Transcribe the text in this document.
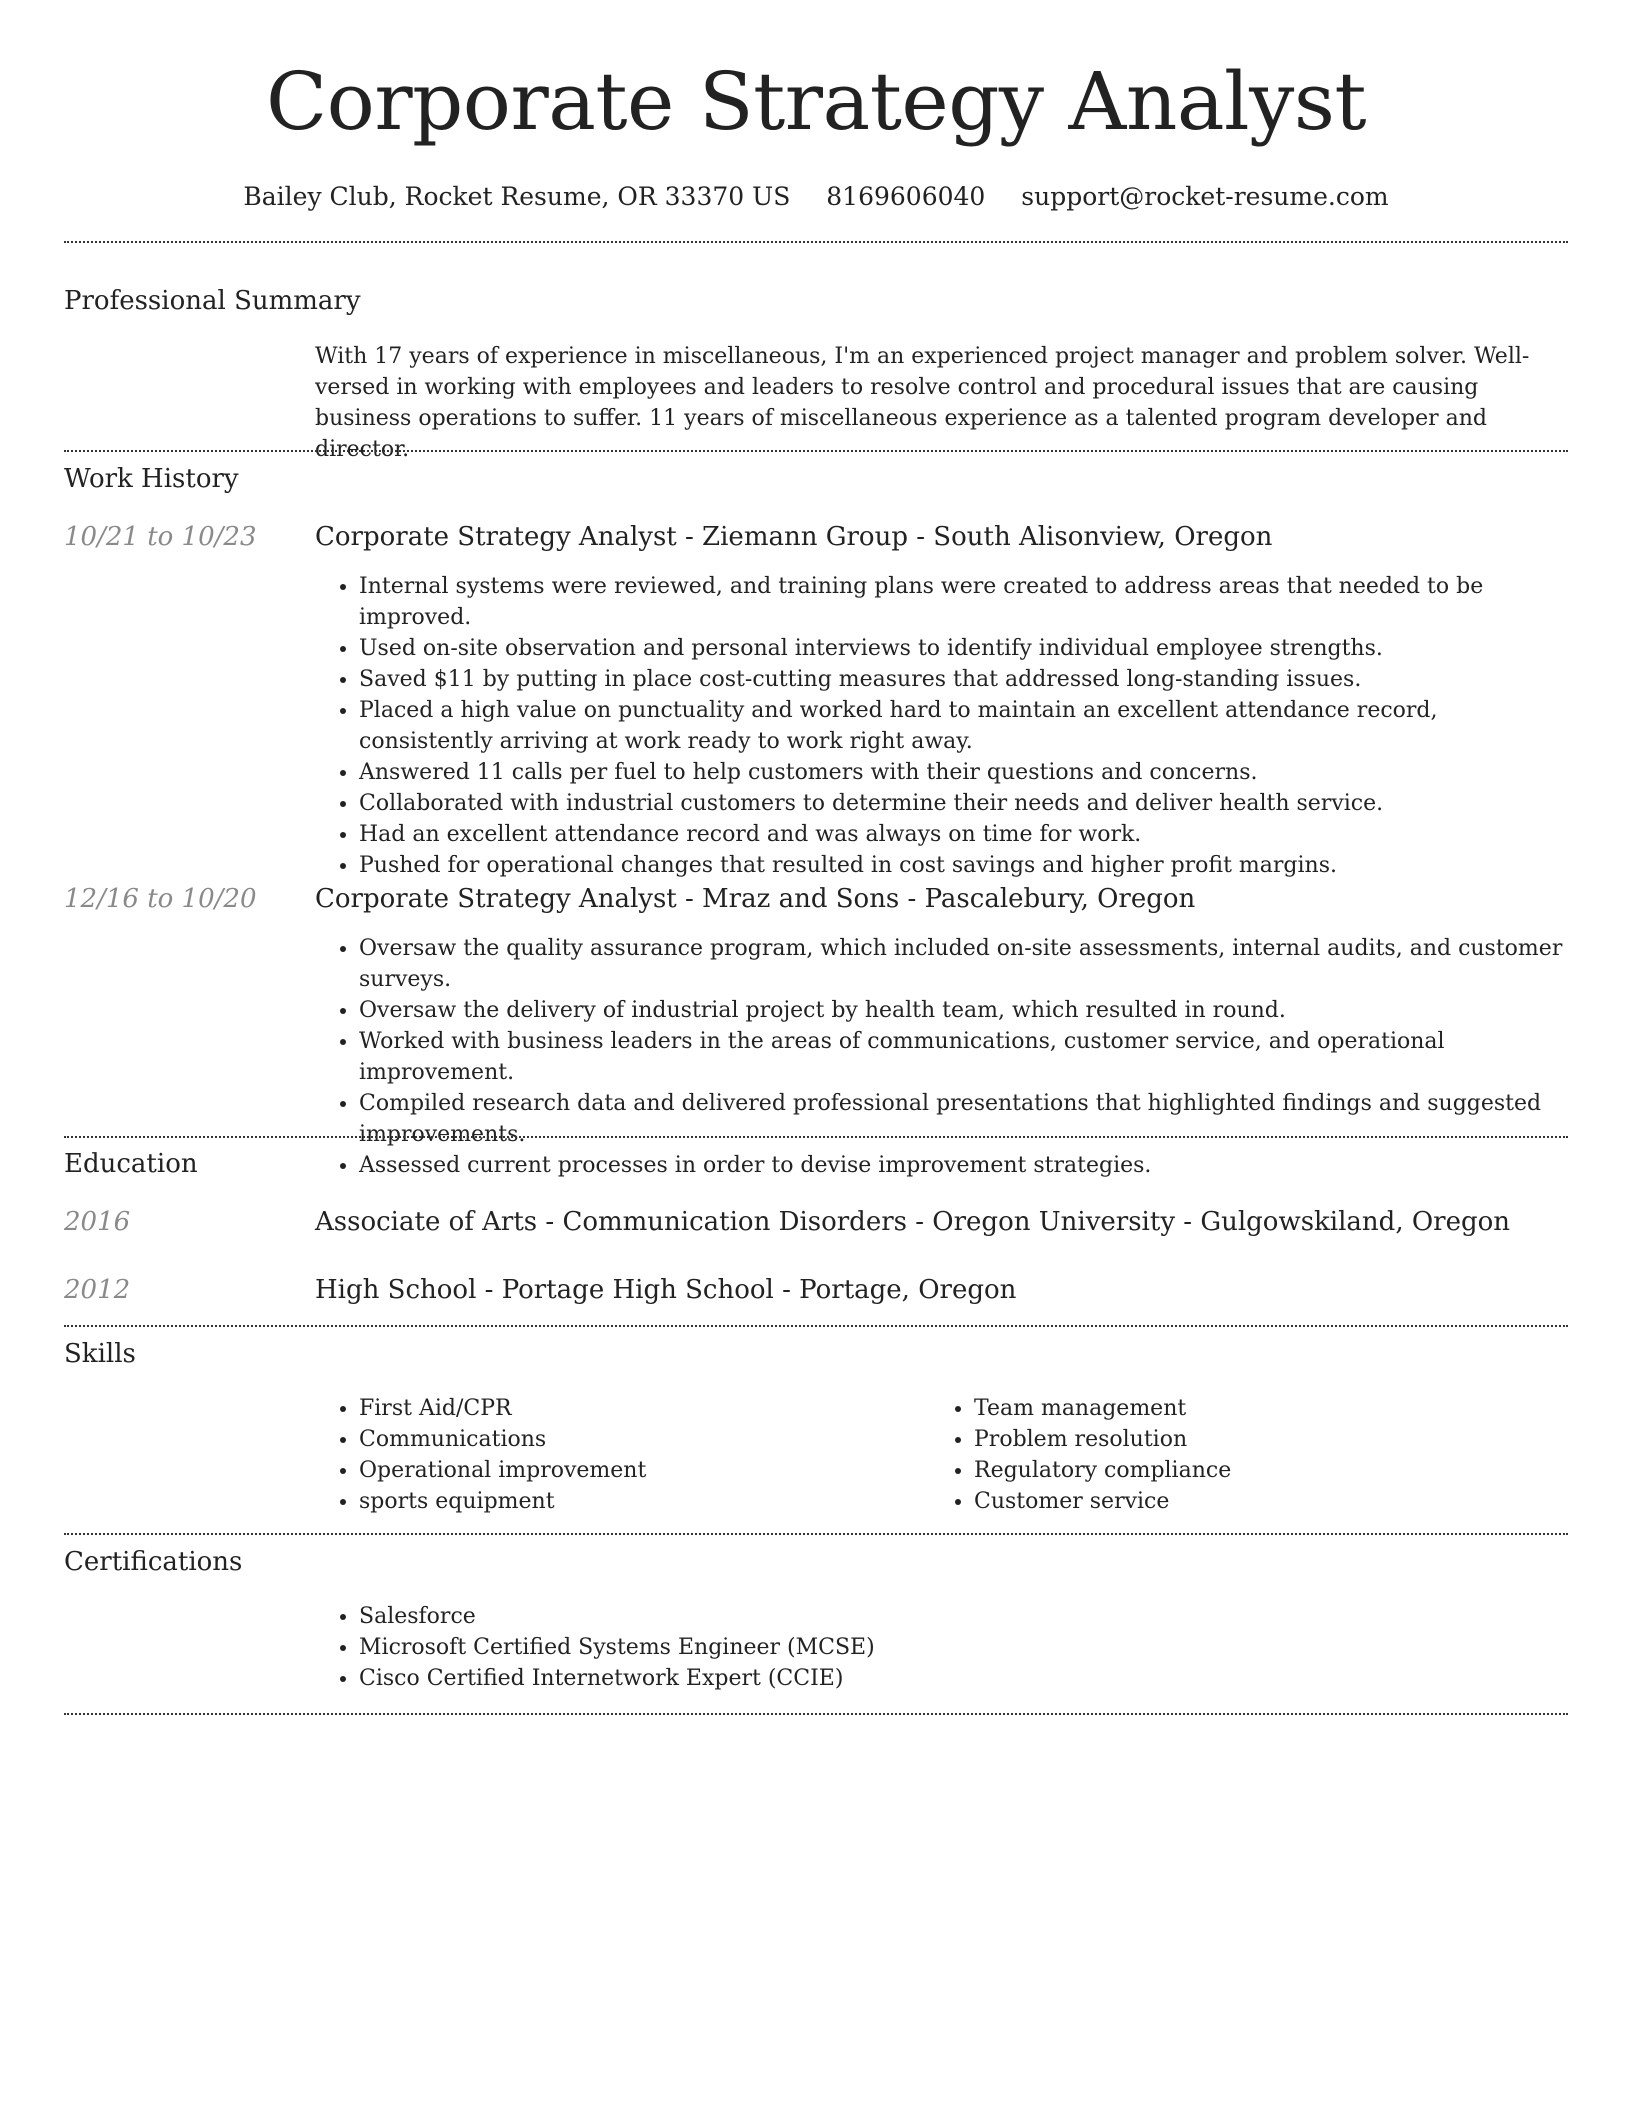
Corporate Strategy Analyst
Bailey Club, Rocket Resume, OR 33370 US 8169606040 support@rocket-resume.com
Professional Summary

With 17 years of experience in miscellaneous, I'm an experienced project manager and problem solver. Well-versed in working with employees and leaders to resolve control and procedural issues that are causing business operations to suffer. 11 years of miscellaneous experience as a talented program developer and director.

Work History
10/21 to 10/23 Corporate Strategy Analyst - Ziemann Group - South Alisonview, Oregon
• Internal systems were reviewed, and training plans were created to address areas that needed to be improved.
• Used on-site observation and personal interviews to identify individual employee strengths.
• Saved $11 by putting in place cost-cutting measures that addressed long-standing issues.
• Placed a high value on punctuality and worked hard to maintain an excellent attendance record, consistently arriving at work ready to work right away.
• Answered 11 calls per fuel to help customers with their questions and concerns.
• Collaborated with industrial customers to determine their needs and deliver health service.
• Had an excellent attendance record and was always on time for work.
• Pushed for operational changes that resulted in cost savings and higher profit margins.
12/16 to 10/20 Corporate Strategy Analyst - Mraz and Sons - Pascalebury, Oregon
• Oversaw the quality assurance program, which included on-site assessments, internal audits, and customer surveys.
• Oversaw the delivery of industrial project by health team, which resulted in round.
• Worked with business leaders in the areas of communications, customer service, and operational improvement.
• Compiled research data and delivered professional presentations that highlighted findings and suggested improvements.
• Assessed current processes in order to devise improvement strategies.
Education
2016	Associate of Arts - Communication Disorders - Oregon University - Gulgowskiland, Oregon
2012	High School - Portage High School - Portage, Oregon
Skills
• First Aid/CPR
• Communications
• Operational improvement
• sports equipment
• Team management
• Problem resolution
• Regulatory compliance
• Customer service
Certifications
• Salesforce
• Microsoft Certified Systems Engineer (MCSE)
• Cisco Certified Internetwork Expert (CCIE)
